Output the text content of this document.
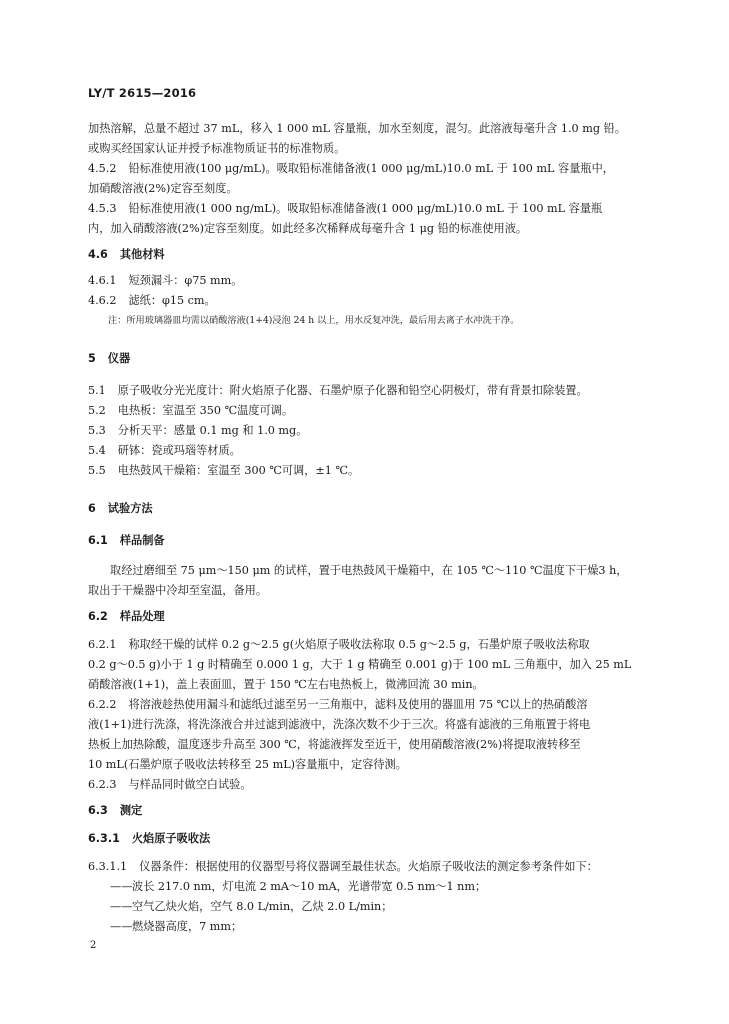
LY/T 2615—2016
加热溶解，总量不超过 37 mL，移入 1 000 mL 容量瓶，加水至刻度，混匀。此溶液每毫升含 1.0 mg 铅。
或购买经国家认证并授予标准物质证书的标准物质。
4.5.2 铅标准使用液(100 μg/mL)。吸取铅标准储备液(1 000 μg/mL)10.0 mL 于 100 mL 容量瓶中，
加硝酸溶液(2%)定容至刻度。
4.5.3 铅标准使用液(1 000 ng/mL)。吸取铅标准储备液(1 000 μg/mL)10.0 mL 于 100 mL 容量瓶
内，加入硝酸溶液(2%)定容至刻度。如此经多次稀释成每毫升含 1 μg 铅的标准使用液。
4.6 其他材料
4.6.1 短颈漏斗：φ75 mm。
4.6.2 滤纸：φ15 cm。
注：所用玻璃器皿均需以硝酸溶液(1+4)浸泡 24 h 以上，用水反复冲洗，最后用去离子水冲洗干净。
5 仪器
5.1 原子吸收分光光度计：附火焰原子化器、石墨炉原子化器和铅空心阴极灯，带有背景扣除装置。
5.2 电热板：室温至 350 ℃温度可调。
5.3 分析天平：感量 0.1 mg 和 1.0 mg。
5.4 研钵：瓷或玛瑙等材质。
5.5 电热鼓风干燥箱：室温至 300 ℃可调，±1 ℃。
6 试验方法
6.1 样品制备
取经过磨细至 75 μm～150 μm 的试样，置于电热鼓风干燥箱中，在 105 ℃～110 ℃温度下干燥3 h，
取出于干燥器中冷却至室温，备用。
6.2 样品处理
6.2.1 称取经干燥的试样 0.2 g～2.5 g(火焰原子吸收法称取 0.5 g～2.5 g，石墨炉原子吸收法称取
0.2 g～0.5 g)小于 1 g 时精确至 0.000 1 g，大于 1 g 精确至 0.001 g)于 100 mL 三角瓶中，加入 25 mL
硝酸溶液(1+1)，盖上表面皿，置于 150 ℃左右电热板上，微沸回流 30 min。
6.2.2 将溶液趁热使用漏斗和滤纸过滤至另一三角瓶中，滤料及使用的器皿用 75 ℃以上的热硝酸溶
液(1+1)进行洗涤，将洗涤液合并过滤到滤液中，洗涤次数不少于三次。将盛有滤液的三角瓶置于将电
热板上加热除酸，温度逐步升高至 300 ℃，将滤液挥发至近干，使用硝酸溶液(2%)将提取液转移至
10 mL(石墨炉原子吸收法转移至 25 mL)容量瓶中，定容待测。
6.2.3 与样品同时做空白试验。
6.3 测定
6.3.1 火焰原子吸收法
6.3.1.1 仪器条件：根据使用的仪器型号将仪器调至最佳状态。火焰原子吸收法的测定参考条件如下：
——波长 217.0 nm，灯电流 2 mA～10 mA，光谱带宽 0.5 nm～1 nm；
——空气乙炔火焰，空气 8.0 L/min，乙炔 2.0 L/min；
——燃烧器高度，7 mm；
2
